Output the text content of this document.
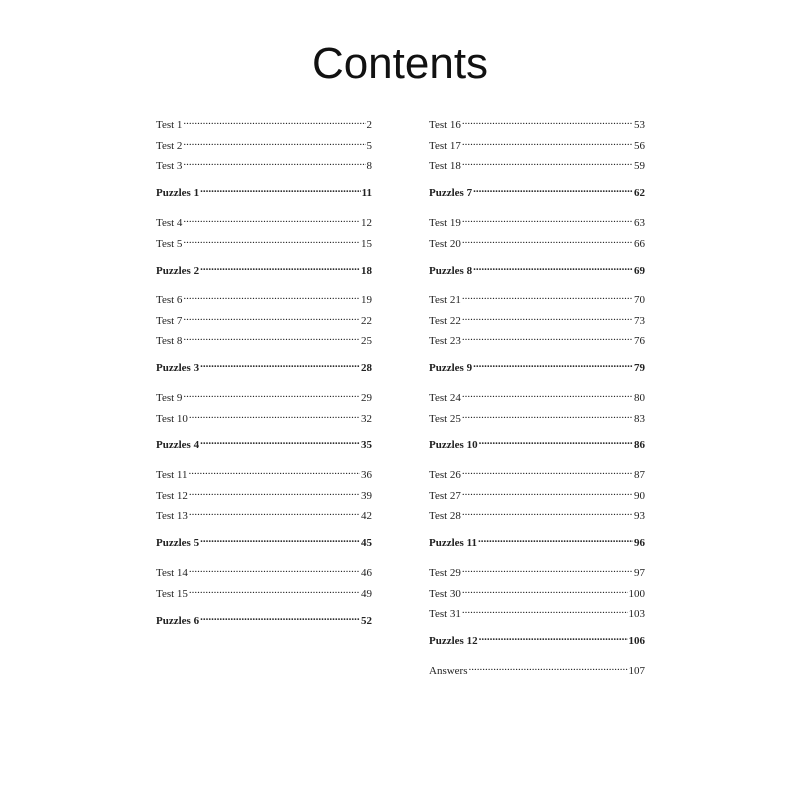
Contents
Test 1 .....	2
Test 2 .....	5
Test 3 .....	8
Puzzles 1 .....	11
Test 4 .....	12
Test 5 .....	15
Puzzles 2 .....	18
Test 6 .....	19
Test 7 .....	22
Test 8 .....	25
Puzzles 3 .....	28
Test 9 .....	29
Test 10 .....	32
Puzzles 4 .....	35
Test 11 .....	36
Test 12 .....	39
Test 13 .....	42
Puzzles 5 .....	45
Test 14 .....	46
Test 15 .....	49
Puzzles 6 .....	52
Test 16 .....	53
Test 17 .....	56
Test 18 .....	59
Puzzles 7 .....	62
Test 19 .....	63
Test 20 .....	66
Puzzles 8 .....	69
Test 21 .....	70
Test 22 .....	73
Test 23 .....	76
Puzzles 9 .....	79
Test 24 .....	80
Test 25 .....	83
Puzzles 10 .....	86
Test 26 .....	87
Test 27 .....	90
Test 28 .....	93
Puzzles 11 .....	96
Test 29 .....	97
Test 30 .....	100
Test 31 .....	103
Puzzles 12 .....	106
Answers .....	107
